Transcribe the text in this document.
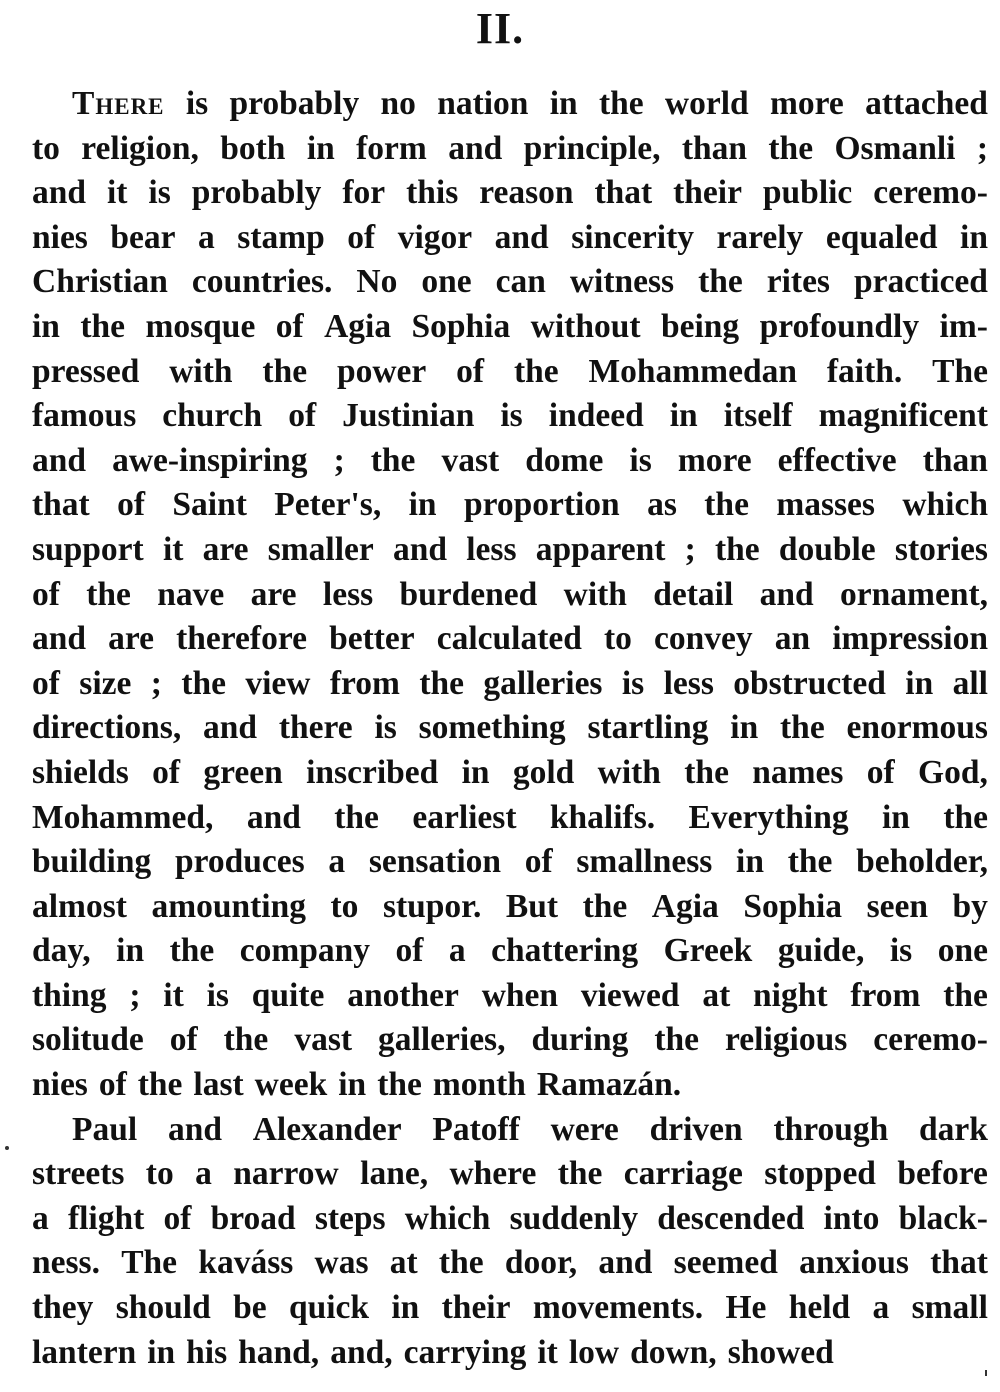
II.
There is probably no nation in the world more attached
to religion, both in form and principle, than the Osmanli ;
and it is probably for this reason that their public ceremo-
nies bear a stamp of vigor and sincerity rarely equaled in
Christian countries. No one can witness the rites practiced
in the mosque of Agia Sophia without being profoundly im-
pressed with the power of the Mohammedan faith. The
famous church of Justinian is indeed in itself magnificent
and awe-inspiring ; the vast dome is more effective than
that of Saint Peter's, in proportion as the masses which
support it are smaller and less apparent ; the double stories
of the nave are less burdened with detail and ornament,
and are therefore better calculated to convey an impression
of size ; the view from the galleries is less obstructed in all
directions, and there is something startling in the enormous
shields of green inscribed in gold with the names of God,
Mohammed, and the earliest khalifs. Everything in the
building produces a sensation of smallness in the beholder,
almost amounting to stupor. But the Agia Sophia seen by
day, in the company of a chattering Greek guide, is one
thing ; it is quite another when viewed at night from the
solitude of the vast galleries, during the religious ceremo-
nies of the last week in the month Ramazán.
Paul and Alexander Patoff were driven through dark
streets to a narrow lane, where the carriage stopped before
a flight of broad steps which suddenly descended into black-
ness. The kaváss was at the door, and seemed anxious that
they should be quick in their movements. He held a small
lantern in his hand, and, carrying it low down, showed
